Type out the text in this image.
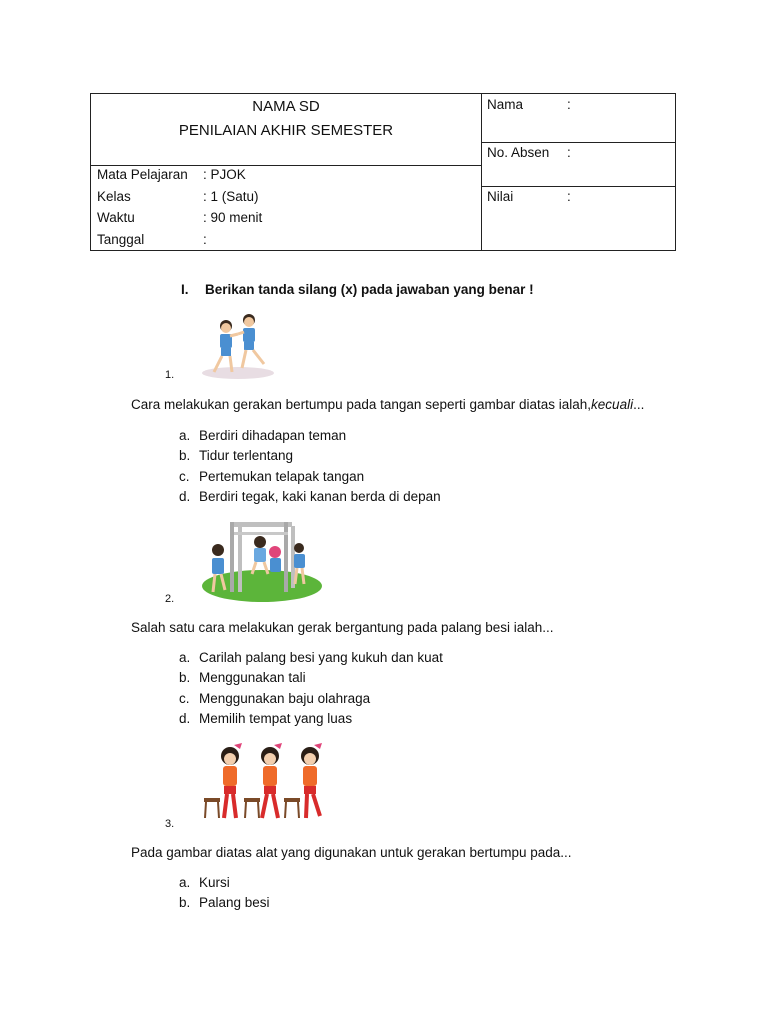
NAMA SD
PENILAIAN AKHIR SEMESTER
Mata Pelajaran : PJOK
Kelas	: 1 (Satu)
Waktu	: 90 menit
Tanggal	:
Nama	:
No. Absen :
Nilai	:
I. Berikan tanda silang (x) pada jawaban yang benar !
1.
Cara melakukan gerakan bertumpu pada tangan seperti gambar diatas ialah,kecuali...
a. Berdiri dihadapan teman
b. Tidur terlentang
c. Pertemukan telapak tangan
d. Berdiri tegak, kaki kanan berda di depan
2.
Salah satu cara melakukan gerak bergantung pada palang besi ialah...
a. Carilah palang besi yang kukuh dan kuat
b. Menggunakan tali
c. Menggunakan baju olahraga
d. Memilih tempat yang luas
3.
Pada gambar diatas alat yang digunakan untuk gerakan bertumpu pada...
a. Kursi
b. Palang besi
